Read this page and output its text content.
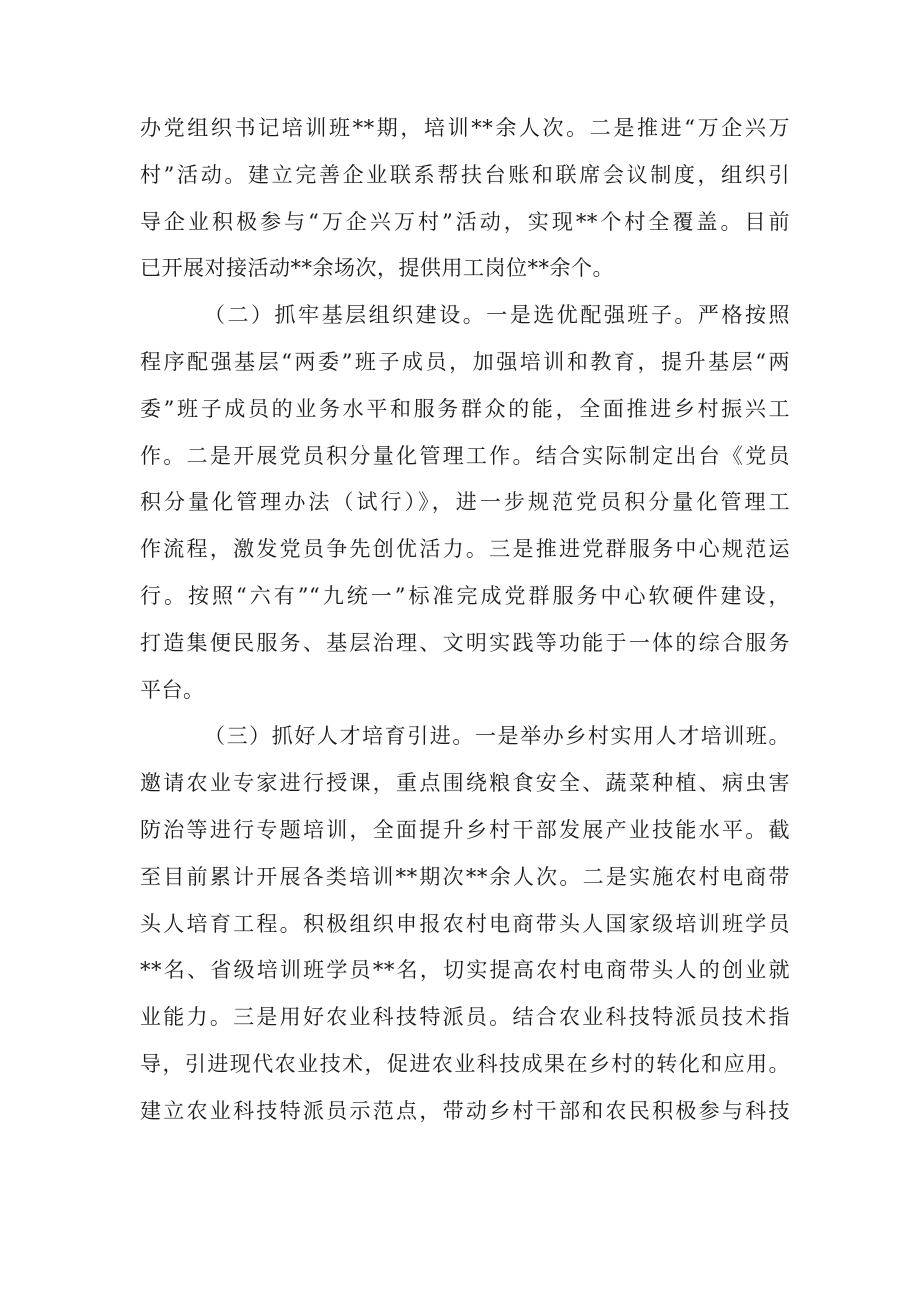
办党组织书记培训班**期，培训**余人次。二是推进“万企兴万
村”活动。建立完善企业联系帮扶台账和联席会议制度，组织引
导企业积极参与“万企兴万村”活动，实现**个村全覆盖。目前
已开展对接活动**余场次，提供用工岗位**余个。
（二）抓牢基层组织建设。一是选优配强班子。严格按照
程序配强基层“两委”班子成员，加强培训和教育，提升基层“两
委”班子成员的业务水平和服务群众的能，全面推进乡村振兴工
作。二是开展党员积分量化管理工作。结合实际制定出台《党员
积分量化管理办法（试行）》，进一步规范党员积分量化管理工
作流程，激发党员争先创优活力。三是推进党群服务中心规范运
行。按照“六有”“九统一”标准完成党群服务中心软硬件建设，
打造集便民服务、基层治理、文明实践等功能于一体的综合服务
平台。
（三）抓好人才培育引进。一是举办乡村实用人才培训班。
邀请农业专家进行授课，重点围绕粮食安全、蔬菜种植、病虫害
防治等进行专题培训，全面提升乡村干部发展产业技能水平。截
至目前累计开展各类培训**期次**余人次。二是实施农村电商带
头人培育工程。积极组织申报农村电商带头人国家级培训班学员
**名、省级培训班学员**名，切实提高农村电商带头人的创业就
业能力。三是用好农业科技特派员。结合农业科技特派员技术指
导，引进现代农业技术，促进农业科技成果在乡村的转化和应用。
建立农业科技特派员示范点，带动乡村干部和农民积极参与科技
